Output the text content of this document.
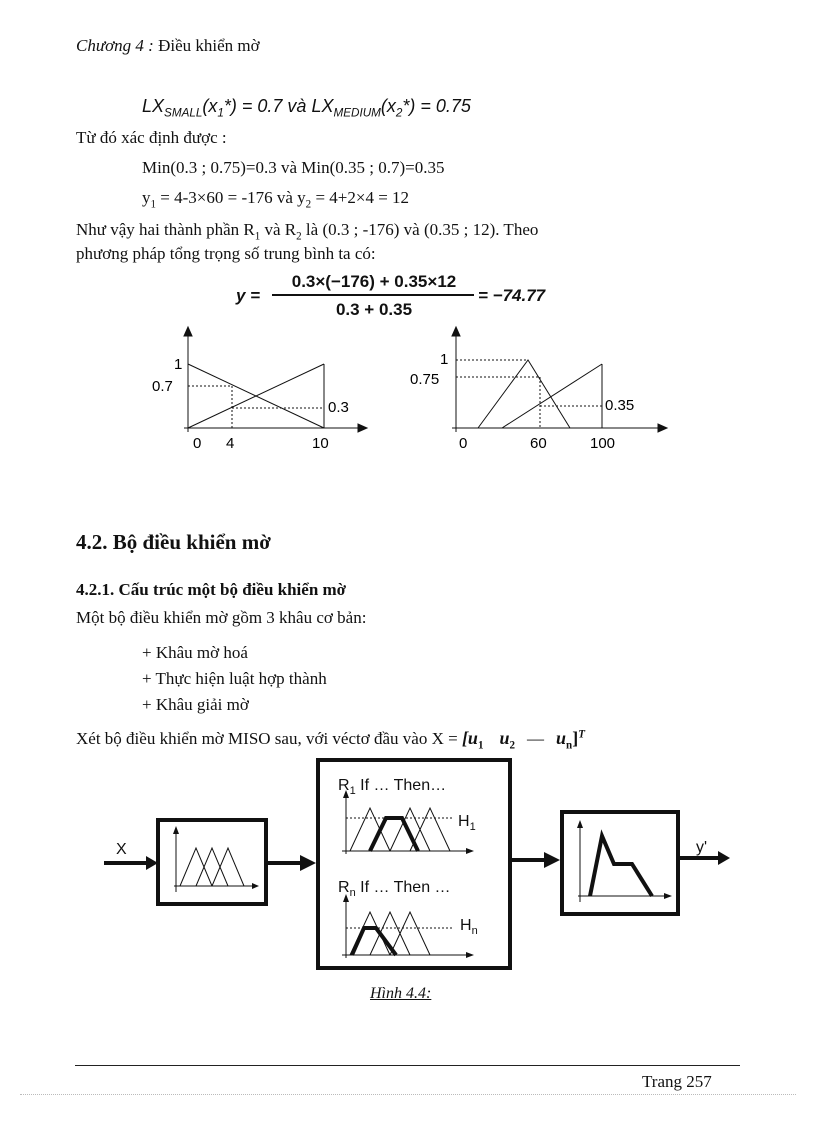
Chương 4 : Điều khiển mờ
$LX_{SMALL}(x_1*) = 0.7$ và $LX_{MEDIUM}(x_2*) = 0.75$
Từ đó xác định được :
Min(0.3 ; 0.75)=0.3 và Min(0.35 ; 0.7)=0.35
$y_1 = 4-3\times 60 = -176$ và $y_2 = 4+2\times 4 = 12$
Như vậy hai thành phần $R_1$ và $R_2$ là (0.3 ; -176) và (0.35 ; 12). Theo
phương pháp tổng trọng số trung bình ta có:
y =
0.3×(−176) + 0.35×12
0.3 + 0.35
= −74.77
1
0.7
0.3
0 4	10
1
0.75
0.35
0	60	100
4.2. Bộ điều khiển mờ
4.2.1. Cấu trúc một bộ điều khiển mờ
Một bộ điều khiển mờ gồm 3 khâu cơ bản:
+ Khâu mờ hoá
+ Thực hiện luật hợp thành
+ Khâu giải mờ
Xét bộ điều khiển mờ MISO sau, với véctơ đầu vào $X = [u_1$ $u_2$ — $u_n]^T$
X	y'
$R_1$ If … Then…
$H_1$
$R_n$ If … Then …
$H_n$
Hình 4.4:
Trang 257
